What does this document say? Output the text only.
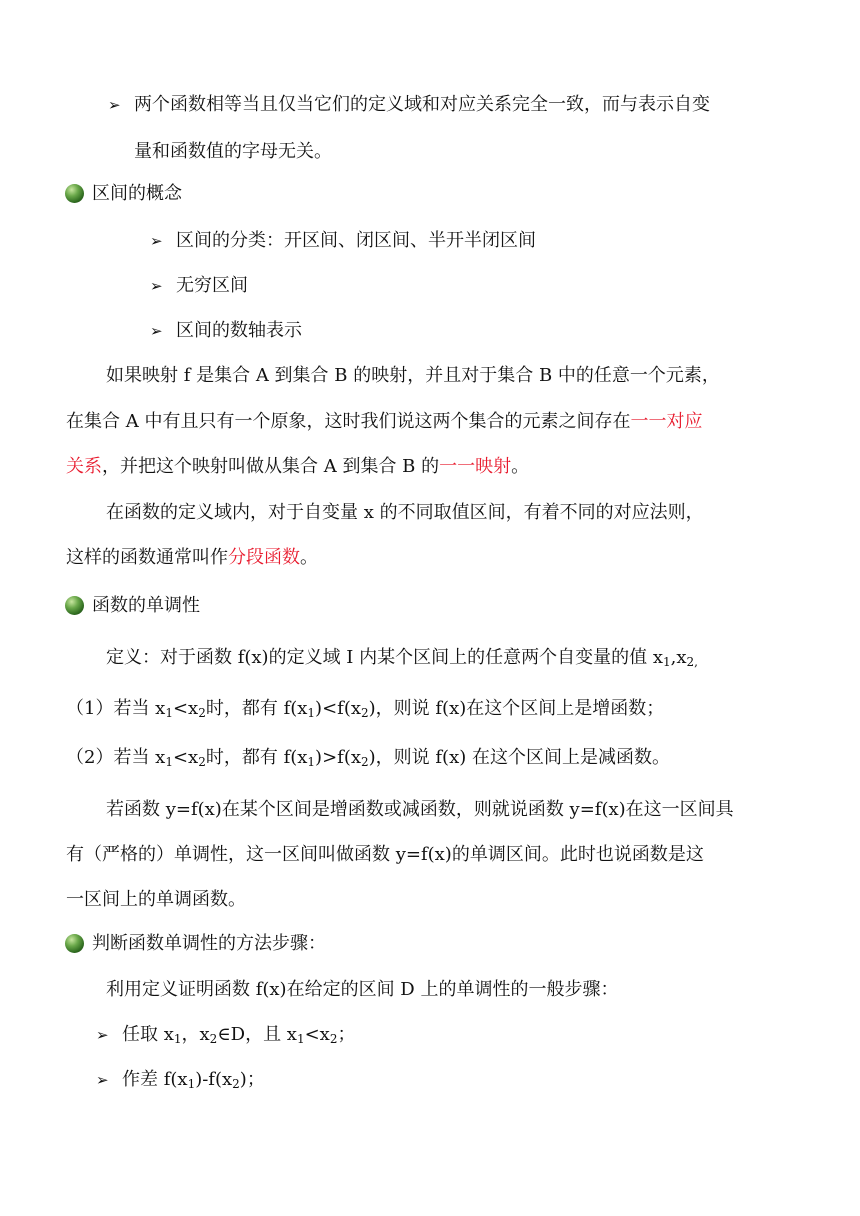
➢ 两个函数相等当且仅当它们的定义域和对应关系完全一致，而与表示自变
量和函数值的字母无关。
区间的概念
➢ 区间的分类：开区间、闭区间、半开半闭区间
➢ 无穷区间
➢ 区间的数轴表示
如果映射 f 是集合 A 到集合 B 的映射，并且对于集合 B 中的任意一个元素，
在集合 A 中有且只有一个原象，这时我们说这两个集合的元素之间存在一一对应
关系，并把这个映射叫做从集合 A 到集合 B 的一一映射。
在函数的定义域内，对于自变量 x 的不同取值区间，有着不同的对应法则，
这样的函数通常叫作分段函数。
函数的单调性
定义：对于函数 f(x)的定义域 I 内某个区间上的任意两个自变量的值 $x_1,x_{2,}$
（1）若当 $x_1<x_2$时，都有 $f(x_1)<f(x_2)$，则说 f(x)在这个区间上是增函数；
（2）若当 $x_1<x_2$时，都有 $f(x_1)>f(x_2)$，则说 f(x) 在这个区间上是减函数。
若函数 y=f(x)在某个区间是增函数或减函数，则就说函数 y=f(x)在这一区间具
有（严格的）单调性，这一区间叫做函数 y=f(x)的单调区间。此时也说函数是这
一区间上的单调函数。
判断函数单调性的方法步骤：
利用定义证明函数 f(x)在给定的区间 D 上的单调性的一般步骤：
➢ 任取 $x_1$，$x_2\in D$，且 $x_1<x_2$；
➢ 作差 $f(x_1)-f(x_2)$；
